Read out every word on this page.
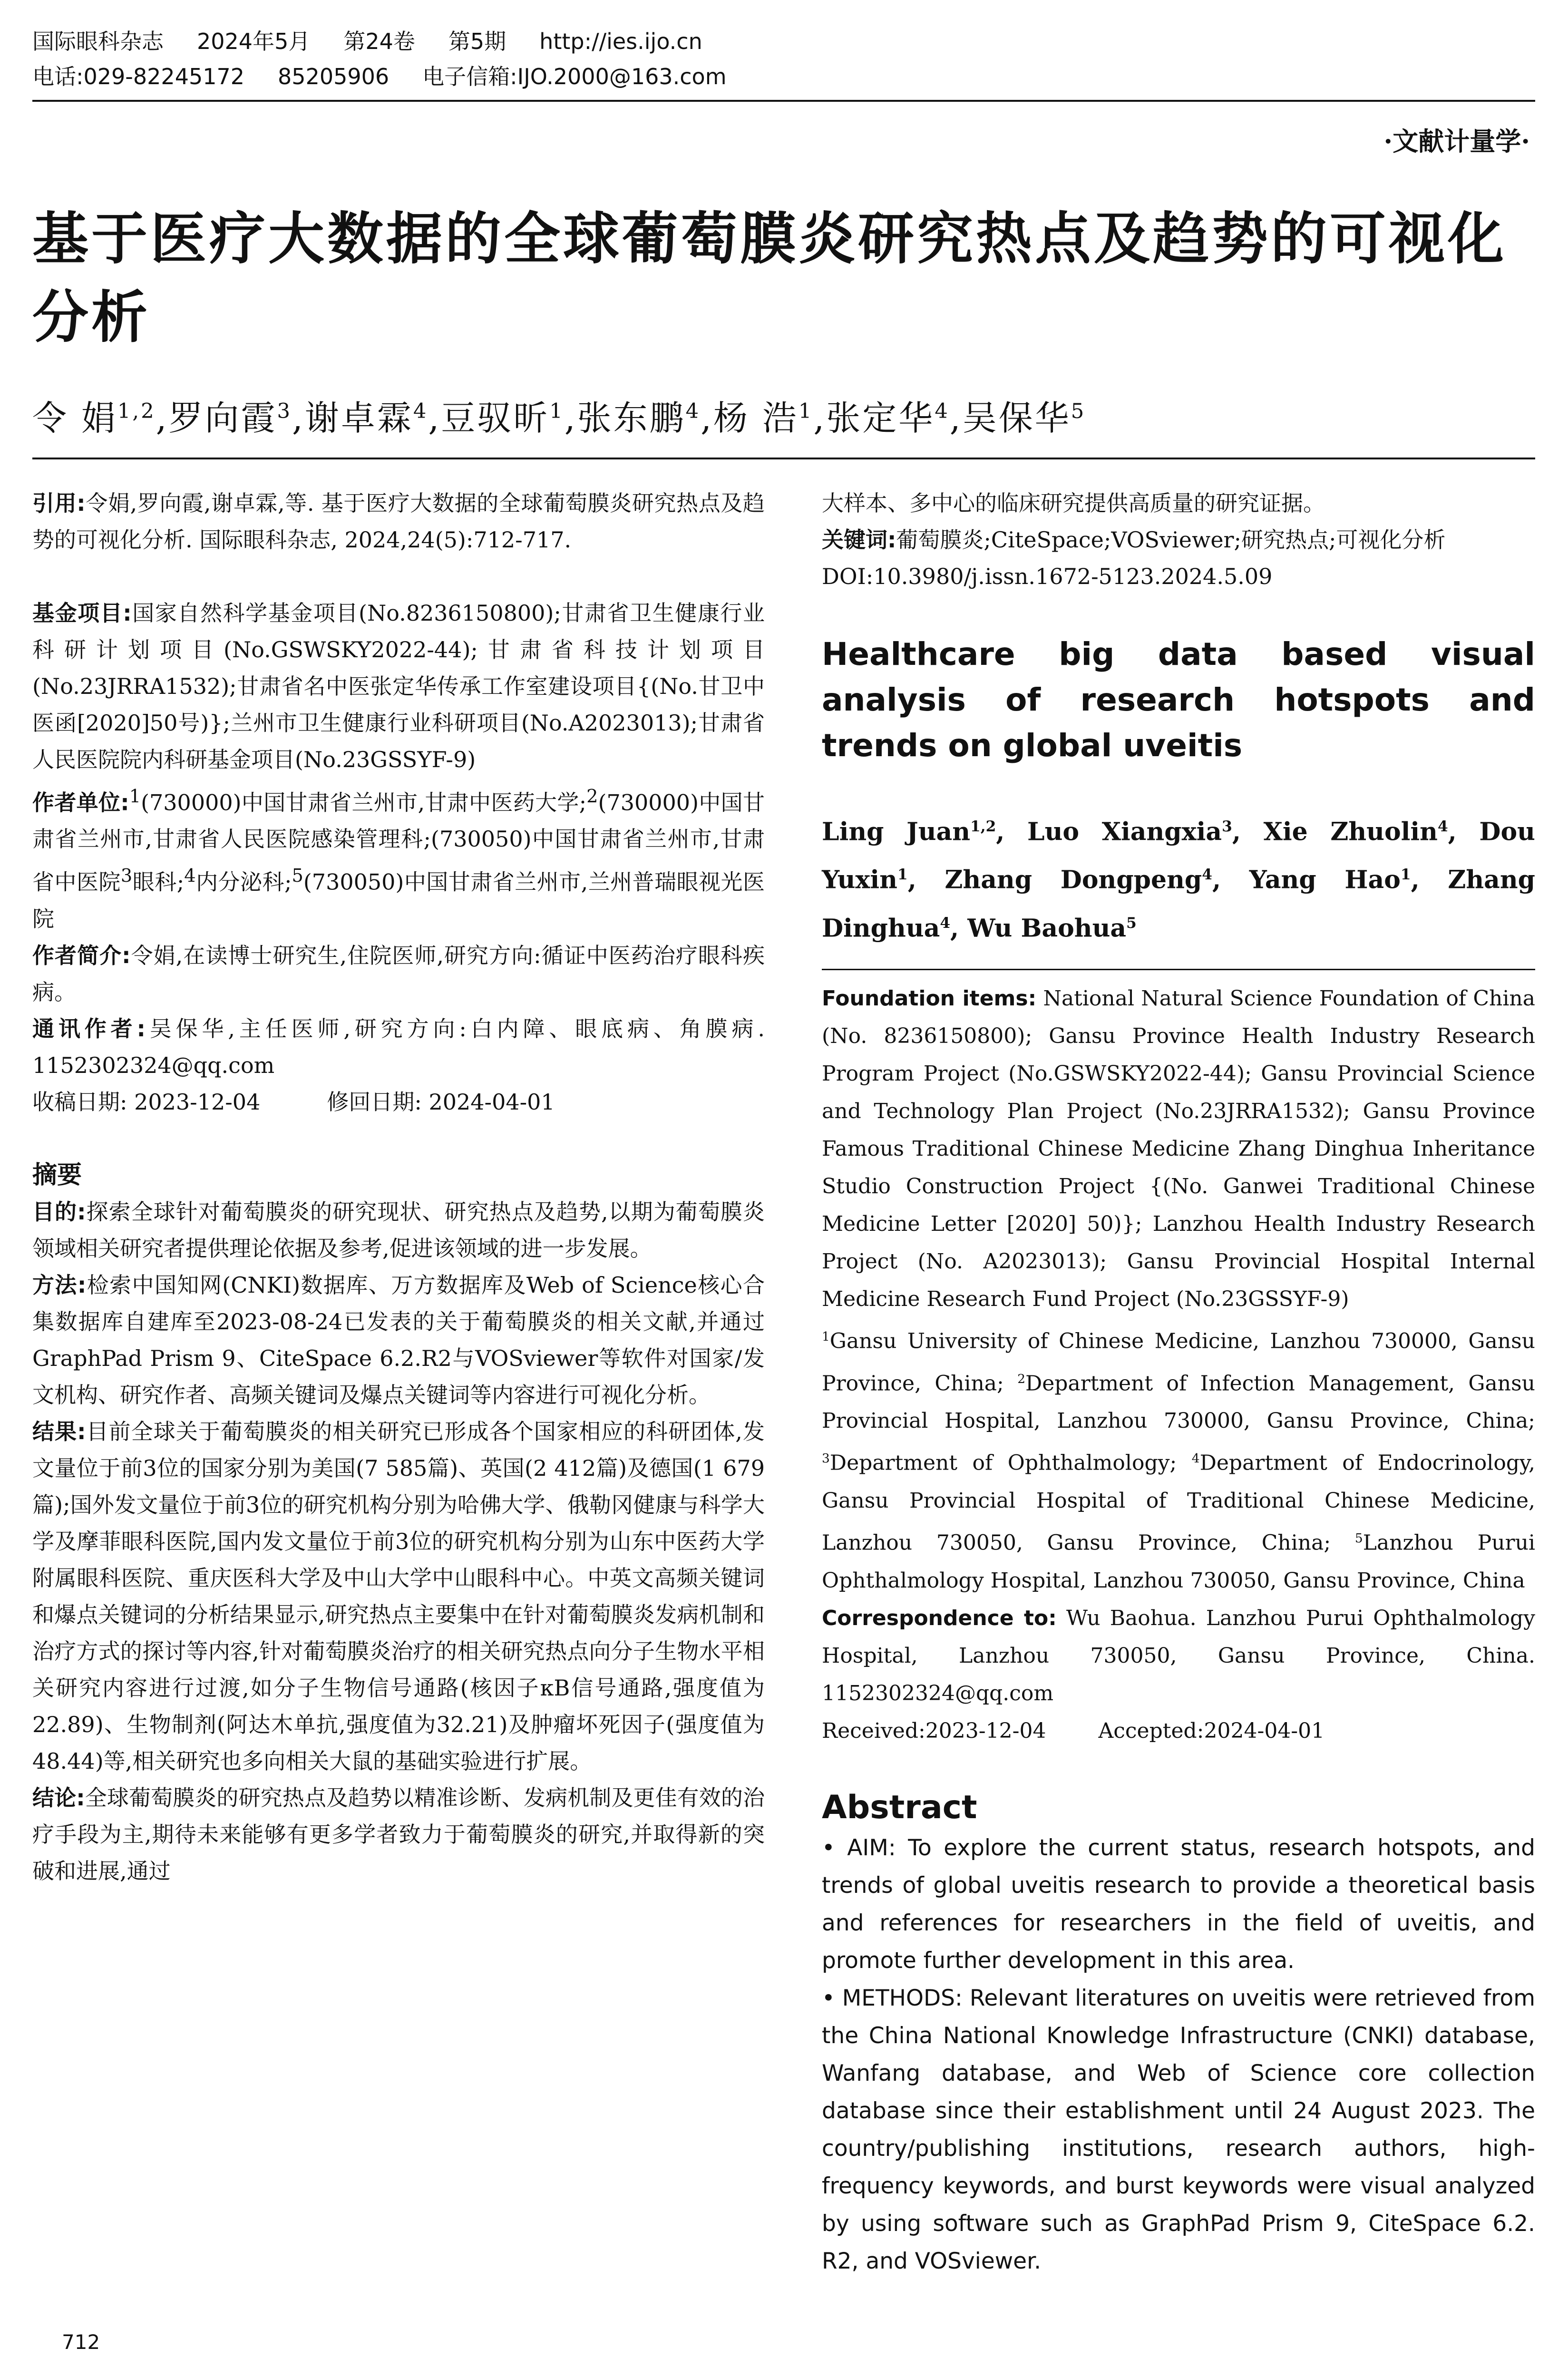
国际眼科杂志 2024年5月 第24卷 第5期 http://ies.ijo.cn
电话:029-82245172 85205906 电子信箱:IJO.2000@163.com
·文献计量学·
基于医疗大数据的全球葡萄膜炎研究热点及趋势的可视化分析
令 娟$^{1,2}$,罗向霞$^3$,谢卓霖$^4$,豆驭昕$^1$,张东鹏$^4$,杨 浩$^1$,张定华$^4$,吴保华$^5$

引用:令娟,罗向霞,谢卓霖,等. 基于医疗大数据的全球葡萄膜炎研究热点及趋势的可视化分析. 国际眼科杂志, 2024,24(5):712-717.

基金项目:国家自然科学基金项目(No.8236150800);甘肃省卫生健康行业科研计划项目(No.GSWSKY2022-44);甘肃省科技计划项目(No.23JRRA1532);甘肃省名中医张定华传承工作室建设项目{(No.甘卫中医函[2020]50号)};兰州市卫生健康行业科研项目(No.A2023013);甘肃省人民医院院内科研基金项目(No.23GSSYF-9)

作者单位:$^1$(730000)中国甘肃省兰州市,甘肃中医药大学;$^2$(730000)中国甘肃省兰州市,甘肃省人民医院感染管理科;(730050)中国甘肃省兰州市,甘肃省中医院$^3$眼科;$^4$内分泌科;$^5$(730050)中国甘肃省兰州市,兰州普瑞眼视光医院

作者简介:令娟,在读博士研究生,住院医师,研究方向:循证中医药治疗眼科疾病。

通讯作者:吴保华,主任医师,研究方向:白内障、眼底病、角膜病. 1152302324@qq.com

收稿日期: 2023-12-04	修回日期: 2024-04-01

摘要

目的:探索全球针对葡萄膜炎的研究现状、研究热点及趋势,以期为葡萄膜炎领域相关研究者提供理论依据及参考,促进该领域的进一步发展。

方法:检索中国知网(CNKI)数据库、万方数据库及Web of Science核心合集数据库自建库至2023-08-24已发表的关于葡萄膜炎的相关文献,并通过GraphPad Prism 9、CiteSpace 6.2.R2与VOSviewer等软件对国家/发文机构、研究作者、高频关键词及爆点关键词等内容进行可视化分析。

结果:目前全球关于葡萄膜炎的相关研究已形成各个国家相应的科研团体,发文量位于前3位的国家分别为美国(7 585篇)、英国(2 412篇)及德国(1 679篇);国外发文量位于前3位的研究机构分别为哈佛大学、俄勒冈健康与科学大学及摩菲眼科医院,国内发文量位于前3位的研究机构分别为山东中医药大学附属眼科医院、重庆医科大学及中山大学中山眼科中心。中英文高频关键词和爆点关键词的分析结果显示,研究热点主要集中在针对葡萄膜炎发病机制和治疗方式的探讨等内容,针对葡萄膜炎治疗的相关研究热点向分子生物水平相关研究内容进行过渡,如分子生物信号通路(核因子κB信号通路,强度值为22.89)、生物制剂(阿达木单抗,强度值为32.21)及肿瘤坏死因子(强度值为48.44)等,相关研究也多向相关大鼠的基础实验进行扩展。

结论:全球葡萄膜炎的研究热点及趋势以精准诊断、发病机制及更佳有效的治疗手段为主,期待未来能够有更多学者致力于葡萄膜炎的研究,并取得新的突破和进展,通过

大样本、多中心的临床研究提供高质量的研究证据。

关键词:葡萄膜炎;CiteSpace;VOSviewer;研究热点;可视化分析

DOI:10.3980/j.issn.1672-5123.2024.5.09

Healthcare big data based visual analysis of research hotspots and trends on global uveitis

Ling Juan$^{1,2}$, Luo Xiangxia$^3$, Xie Zhuolin$^4$, Dou Yuxin$^1$, Zhang Dongpeng$^4$, Yang Hao$^1$, Zhang Dinghua$^4$, Wu Baohua$^5$

Foundation items: National Natural Science Foundation of China (No. 8236150800); Gansu Province Health Industry Research Program Project (No.GSWSKY2022-44); Gansu Provincial Science and Technology Plan Project (No.23JRRA1532); Gansu Province Famous Traditional Chinese Medicine Zhang Dinghua Inheritance Studio Construction Project {(No. Ganwei Traditional Chinese Medicine Letter [2020] 50)}; Lanzhou Health Industry Research Project (No. A2023013); Gansu Provincial Hospital Internal Medicine Research Fund Project (No.23GSSYF-9)

$^1$Gansu University of Chinese Medicine, Lanzhou 730000, Gansu Province, China; $^2$Department of Infection Management, Gansu Provincial Hospital, Lanzhou 730000, Gansu Province, China; $^3$Department of Ophthalmology; $^4$Department of Endocrinology, Gansu Provincial Hospital of Traditional Chinese Medicine, Lanzhou 730050, Gansu Province, China; $^5$Lanzhou Purui Ophthalmology Hospital, Lanzhou 730050, Gansu Province, China

Correspondence to: Wu Baohua. Lanzhou Purui Ophthalmology Hospital, Lanzhou 730050, Gansu Province, China. 1152302324@qq.com

Received:2023-12-04	Accepted:2024-04-01

Abstract

• AIM: To explore the current status, research hotspots, and trends of global uveitis research to provide a theoretical basis and references for researchers in the field of uveitis, and promote further development in this area.

• METHODS: Relevant literatures on uveitis were retrieved from the China National Knowledge Infrastructure (CNKI) database, Wanfang database, and Web of Science core collection database since their establishment until 24 August 2023. The country/publishing institutions, research authors, high-frequency keywords, and burst keywords were visual analyzed by using software such as GraphPad Prism 9, CiteSpace 6.2. R2, and VOSviewer.

712
